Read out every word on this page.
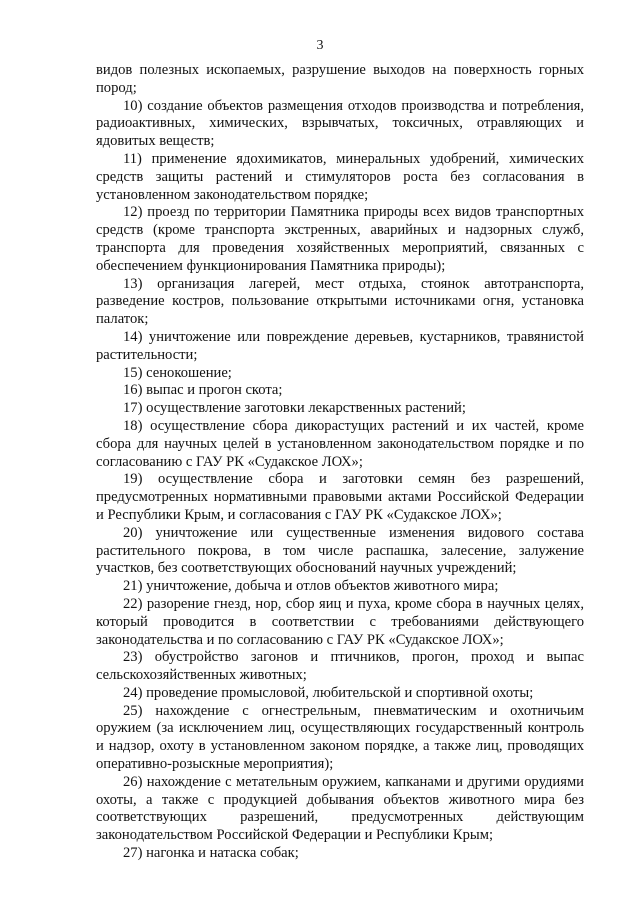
3

видов полезных ископаемых, разрушение выходов на поверхность горных пород;

10) создание объектов размещения отходов производства и потребления, радиоактивных, химических, взрывчатых, токсичных, отравляющих и ядовитых веществ;

11) применение ядохимикатов, минеральных удобрений, химических средств защиты растений и стимуляторов роста без согласования в установленном законодательством порядке;

12) проезд по территории Памятника природы всех видов транспортных средств (кроме транспорта экстренных, аварийных и надзорных служб, транспорта для проведения хозяйственных мероприятий, связанных с обеспечением функционирования Памятника природы);

13) организация лагерей, мест отдыха, стоянок автотранспорта, разведение костров, пользование открытыми источниками огня, установка палаток;

14) уничтожение или повреждение деревьев, кустарников, травянистой растительности;

15) сенокошение;

16) выпас и прогон скота;

17) осуществление заготовки лекарственных растений;

18) осуществление сбора дикорастущих растений и их частей, кроме сбора для научных целей в установленном законодательством порядке и по согласованию с ГАУ РК «Судакское ЛОХ»;

19) осуществление сбора и заготовки семян без разрешений, предусмотренных нормативными правовыми актами Российской Федерации и Республики Крым, и согласования с ГАУ РК «Судакское ЛОХ»;

20) уничтожение или существенные изменения видового состава растительного покрова, в том числе распашка, залесение, залужение участков, без соответствующих обоснований научных учреждений;

21) уничтожение, добыча и отлов объектов животного мира;

22) разорение гнезд, нор, сбор яиц и пуха, кроме сбора в научных целях, который проводится в соответствии с требованиями действующего законодательства и по согласованию с ГАУ РК «Судакское ЛОХ»;

23) обустройство загонов и птичников, прогон, проход и выпас сельскохозяйственных животных;

24) проведение промысловой, любительской и спортивной охоты;

25) нахождение с огнестрельным, пневматическим и охотничьим оружием (за исключением лиц, осуществляющих государственный контроль и надзор, охоту в установленном законом порядке, а также лиц, проводящих оперативно-розыскные мероприятия);

26) нахождение с метательным оружием, капканами и другими орудиями охоты, а также с продукцией добывания объектов животного мира без соответствующих разрешений, предусмотренных действующим законодательством Российской Федерации и Республики Крым;

27) нагонка и натаска собак;
